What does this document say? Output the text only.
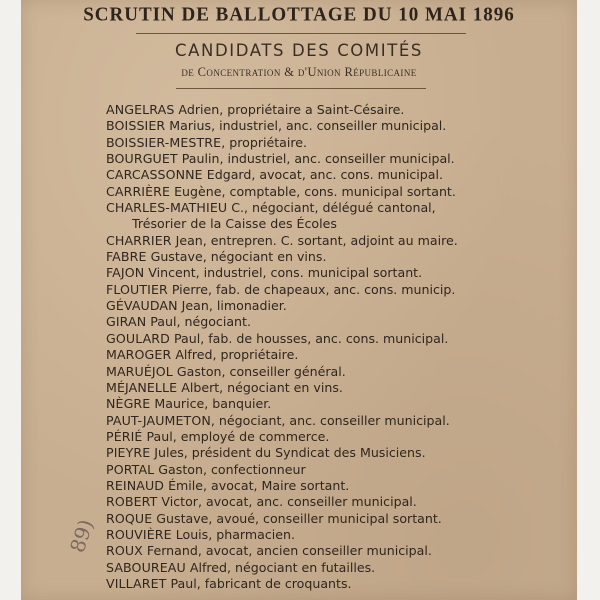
SCRUTIN DE BALLOTTAGE DU 10 MAI 1896
CANDIDATS DES COMITÉS
de Concentration & d'Union Républicaine
ANGELRAS Adrien, propriétaire a Saint-Césaire.
BOISSIER Marius, industriel, anc. conseiller municipal.
BOISSIER-MESTRE, propriétaire.
BOURGUET Paulin, industriel, anc. conseiller municipal.
CARCASSONNE Edgard, avocat, anc. cons. municipal.
CARRIÈRE Eugène, comptable, cons. municipal sortant.
CHARLES-MATHIEU C., négociant, délégué cantonal,
Trésorier de la Caisse des Écoles
CHARRIER Jean, entrepren. C. sortant, adjoint au maire.
FABRE Gustave, négociant en vins.
FAJON Vincent, industriel, cons. municipal sortant.
FLOUTIER Pierre, fab. de chapeaux, anc. cons. municip.
GÉVAUDAN Jean, limonadier.
GIRAN Paul, négociant.
GOULARD Paul, fab. de housses, anc. cons. municipal.
MAROGER Alfred, propriétaire.
MARUÉJOL Gaston, conseiller général.
MÉJANELLE Albert, négociant en vins.
NÈGRE Maurice, banquier.
PAUT-JAUMETON, négociant, anc. conseiller municipal.
PÉRIÉ Paul, employé de commerce.
PIEYRE Jules, président du Syndicat des Musiciens.
PORTAL Gaston, confectionneur
REINAUD Émile, avocat, Maire sortant.
ROBERT Victor, avocat, anc. conseiller municipal.
ROQUE Gustave, avoué, conseiller municipal sortant.
ROUVIÈRE Louis, pharmacien.
ROUX Fernand, avocat, ancien conseiller municipal.
SABOUREAU Alfred, négociant en futailles.
VILLARET Paul, fabricant de croquants.
89)
